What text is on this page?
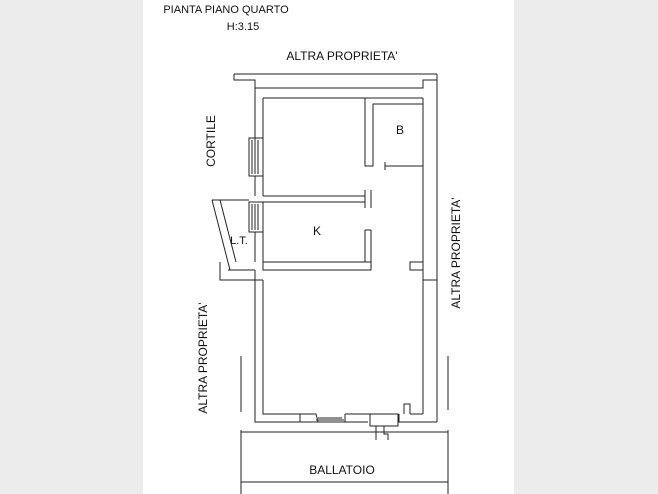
PIANTA PIANO QUARTO
H:3.15
ALTRA PROPRIETA'
CORTILE
ALTRA PROPRIETA'
ALTRA PROPRIETA'
B
K
L.T.
BALLATOIO
